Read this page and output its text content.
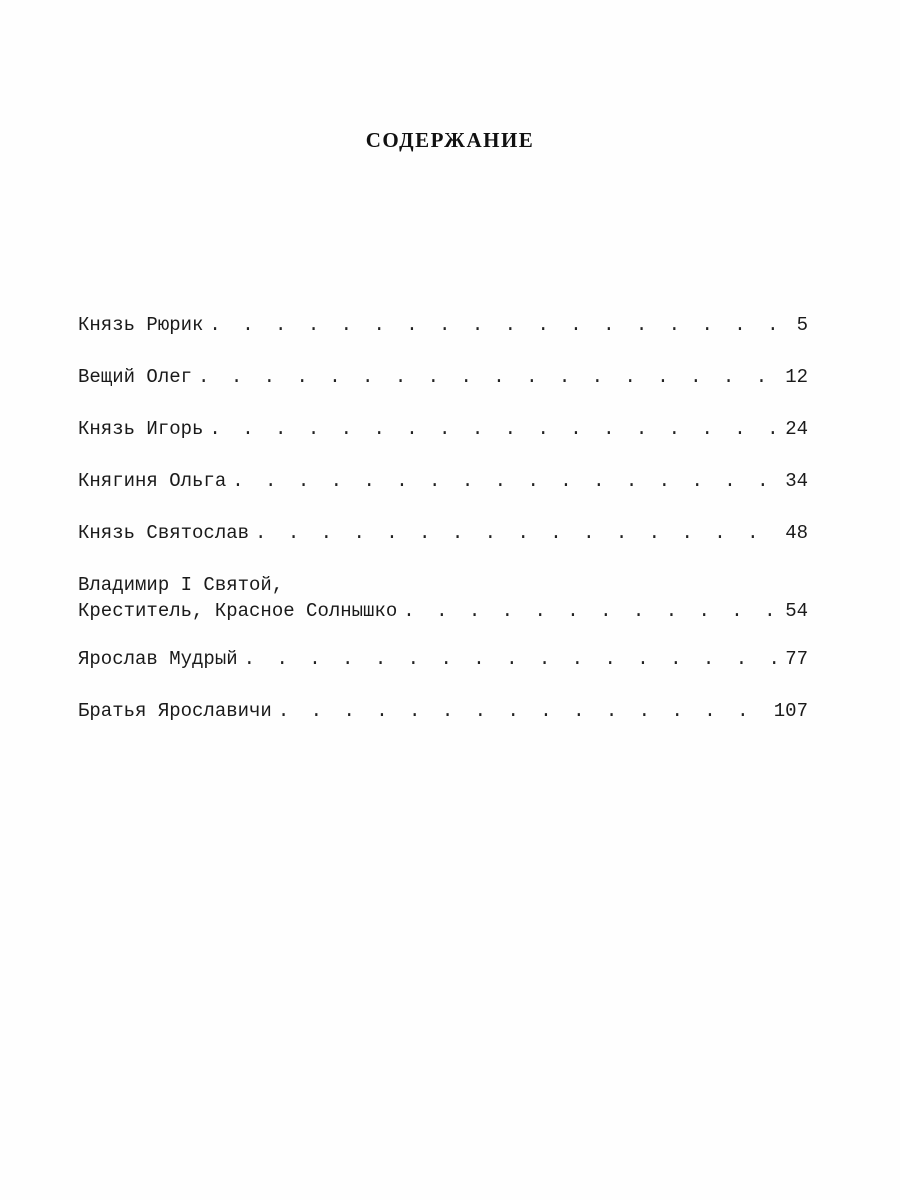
СОДЕРЖАНИЕ
Князь Рюрик . . .	5
Вещий Олег . . .	12
Князь Игорь . . .	24
Княгиня Ольга . . .	34
Князь Святослав . . .	48
Владимир I Святой,
Креститель, Красное Солнышко . . .	54
Ярослав Мудрый . . .	77
Братья Ярославичи . . .	107
